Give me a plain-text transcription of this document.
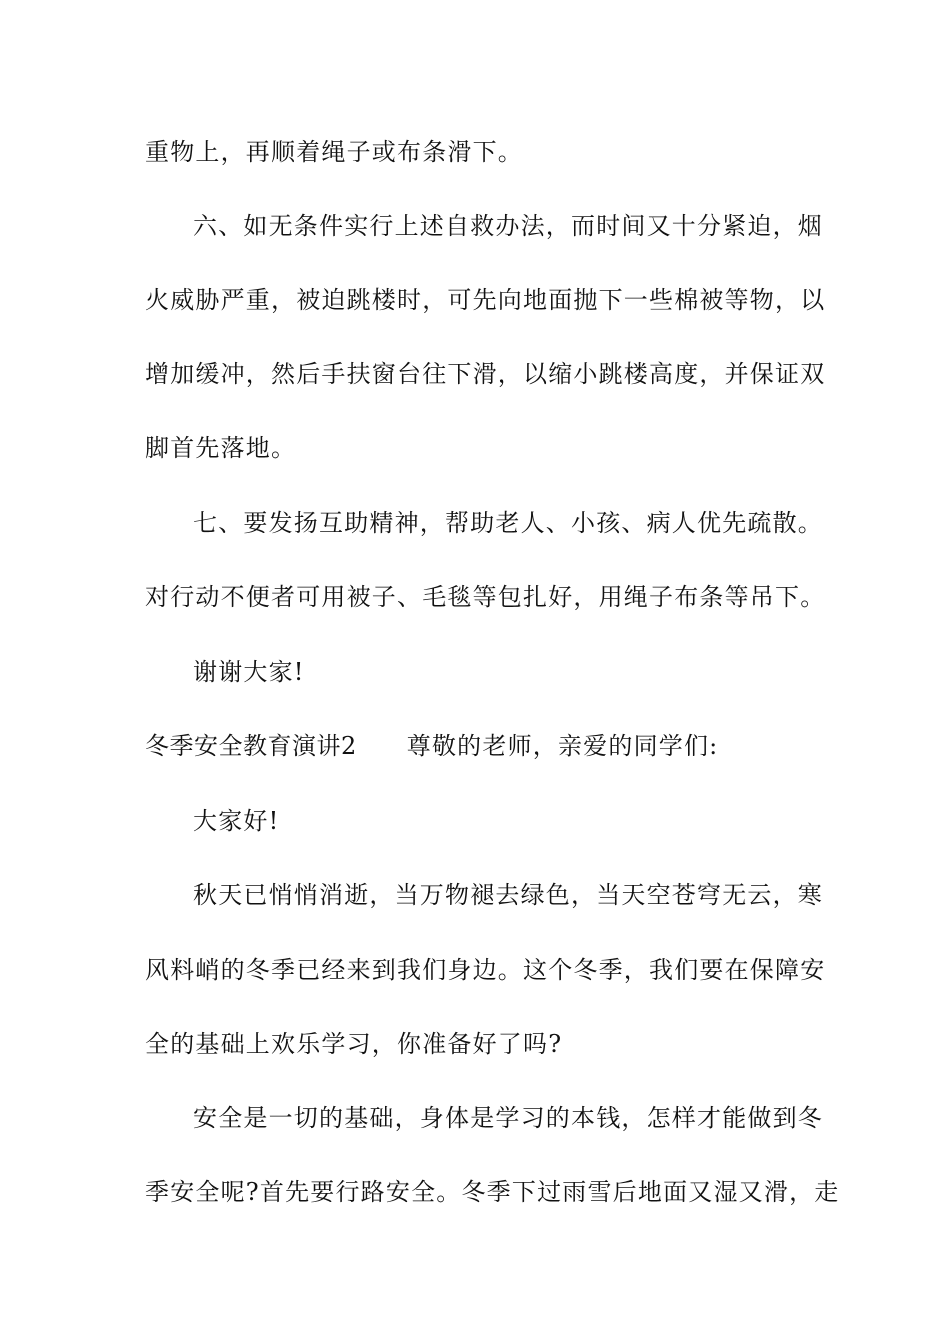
重物上，再顺着绳子或布条滑下。
六、如无条件实行上述自救办法，而时间又十分紧迫，烟
火威胁严重，被迫跳楼时，可先向地面抛下一些棉被等物，以
增加缓冲，然后手扶窗台往下滑，以缩小跳楼高度，并保证双
脚首先落地。
七、要发扬互助精神，帮助老人、小孩、病人优先疏散。
对行动不便者可用被子、毛毯等包扎好，用绳子布条等吊下。
谢谢大家!
冬季安全教育演讲2 尊敬的老师，亲爱的同学们:
大家好!
秋天已悄悄消逝，当万物褪去绿色，当天空苍穹无云，寒
风料峭的冬季已经来到我们身边。这个冬季，我们要在保障安
全的基础上欢乐学习，你准备好了吗?
安全是一切的基础，身体是学习的本钱，怎样才能做到冬
季安全呢?首先要行路安全。冬季下过雨雪后地面又湿又滑，走
